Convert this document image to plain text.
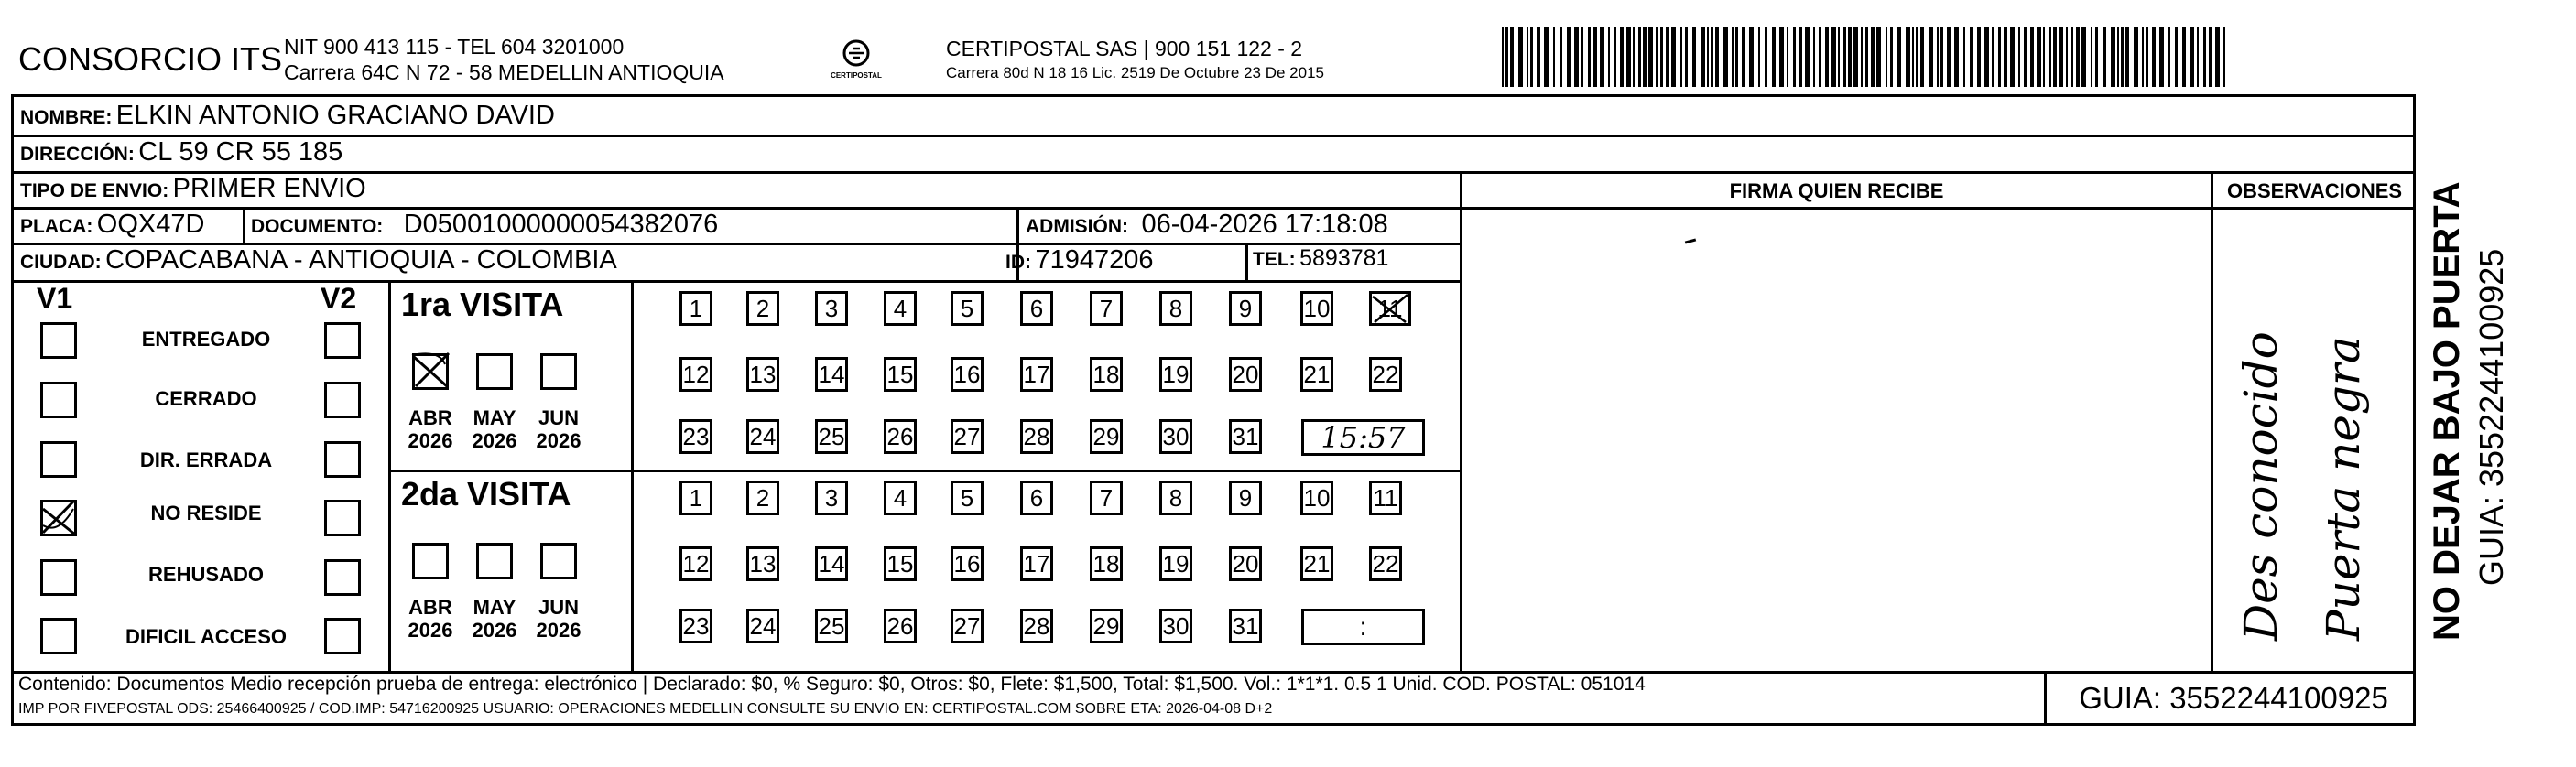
CONSORCIO ITS NIT 900 413 115 - TEL 604 3201000
Carrera 64C N 72 - 58 MEDELLIN ANTIOQUIA	CERTIPOSTAL
CERTIPOSTAL SAS | 900 151 122 - 2
Carrera 80d N 18 16 Lic. 2519 De Octubre 23 De 2015
NOMBRE: ELKIN ANTONIO GRACIANO DAVID
DIRECCIÓN: CL 59 CR 55 185
TIPO DE ENVIO: PRIMER ENVIO	FIRMA QUIEN RECIBE	OBSERVACIONES
PLACA: OQX47D DOCUMENTO: D05001000000054382076	ADMISIÓN: 06-04-2026 17:18:08
CIUDAD: COPACABANA - ANTIOQUIA - COLOMBIA	ID: 71947206	TEL: 5893781
V1	V2
ENTREGADO
CERRADO
DIR. ERRADA
NO RESIDE
REHUSADO
DIFICIL ACCESO
1ra VISITA
ABR
2026
MAY
2026
JUN
2026
1	2	3	4	5	6	7	8	9	10	11
12 13 14 15 16 17 18 19 20 21 22
23 24 25 26 27 28 29 30 31	15:57
2da VISITA
ABR
2026
MAY
2026
JUN
2026
1	2	3	4	5	6	7	8	9	10 11
12 13 14 15 16 17 18 19 20 21 22
23 24 25 26 27 28 29 30 31	:	Des conocido Puerta negra
Contenido: Documentos Medio recepción prueba de entrega: electrónico | Declarado: $0, % Seguro: $0, Otros: $0, Flete: $1,500, Total: $1,500. Vol.: 1*1*1. 0.5 1 Unid. COD. POSTAL: 051014
IMP POR FIVEPOSTAL ODS: 25466400925 / COD.IMP: 54716200925 USUARIO: OPERACIONES MEDELLIN CONSULTE SU ENVIO EN: CERTIPOSTAL.COM SOBRE ETA: 2026-04-08 D+2	GUIA: 3552244100925
NO DEJAR BAJO PUERTA GUIA: 3552244100925
